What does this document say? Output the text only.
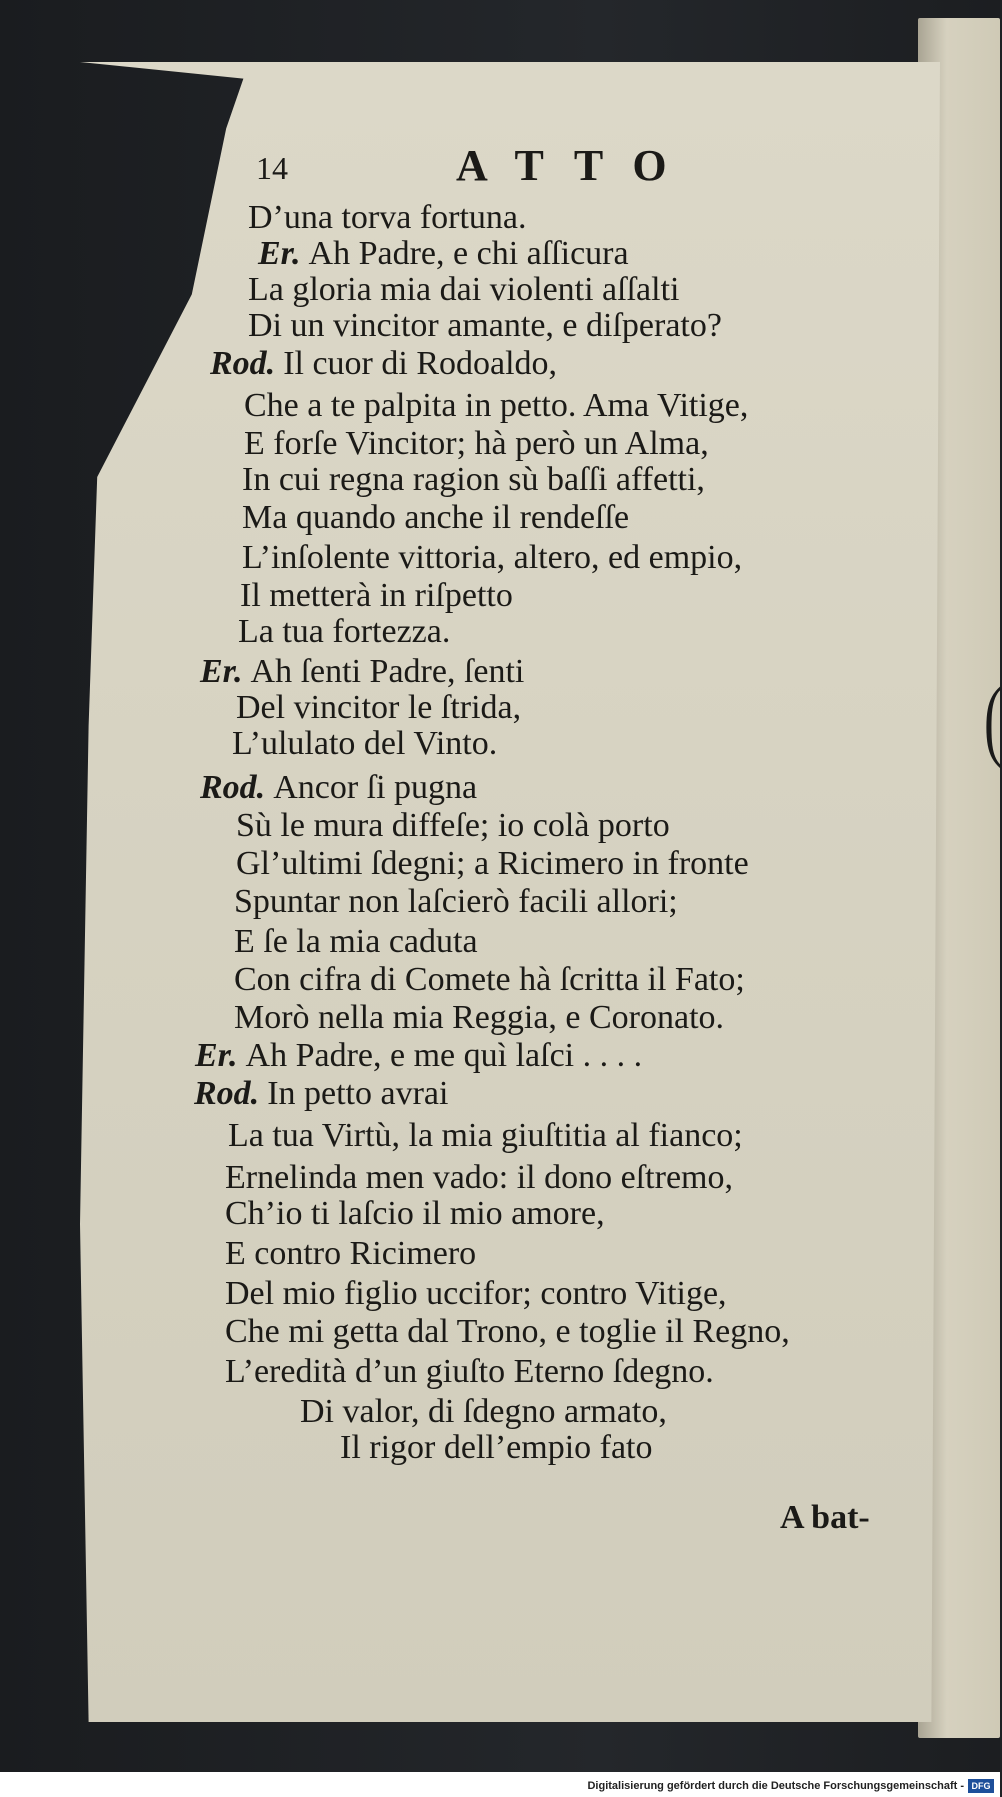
(
14	ATTO
D’una torva fortuna.
Er. Ah Padre, e chi aſſicura
La gloria mia dai violenti aſſalti
Di un vincitor amante, e diſperato?
Rod. Il cuor di Rodoaldo,
Che a te palpita in petto. Ama Vitige,
E forſe Vincitor; hà però un Alma,
In cui regna ragion sù baſſi affetti,
Ma quando anche il rendeſſe
L’inſolente vittoria, altero, ed empio,
Il metterà in riſpetto
La tua fortezza.
Er. Ah ſenti Padre, ſenti
Del vincitor le ſtrida,
L’ululato del Vinto.
Rod. Ancor ſi pugna
Sù le mura diffeſe; io colà porto
Gl’ultimi ſdegni; a Ricimero in fronte
Spuntar non laſcierò facili allori;
E ſe la mia caduta
Con cifra di Comete hà ſcritta il Fato;
Morò nella mia Reggia, e Coronato.
Er. Ah Padre, e me quì laſci . . . .
Rod. In petto avrai
La tua Virtù, la mia giuſtitia al fianco;
Ernelinda men vado: il dono eſtremo,
Ch’io ti laſcio il mio amore,
E contro Ricimero
Del mio figlio uccifor; contro Vitige,
Che mi getta dal Trono, e toglie il Regno,
L’eredità d’un giuſto Eterno ſdegno.
Di valor, di ſdegno armato,
Il rigor dell’empio fato
A bat-
Digitalisierung gefördert durch die Deutsche Forschungsgemeinschaft - DFG
